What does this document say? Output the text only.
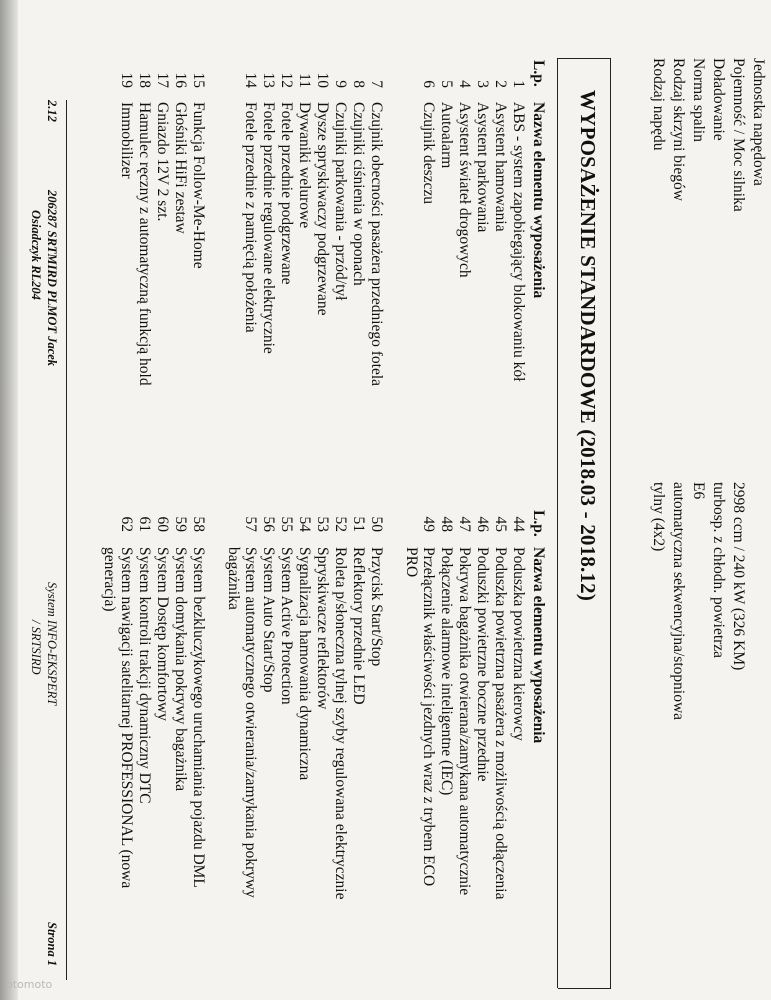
Jednostka napędowa
Pojemność / Moc silnika
2998 ccm / 240 kW (326 KM)
Doładowanie
turbosp. z chłodn. powietrza
Norma spalin
E6
Rodzaj skrzyni biegów
automatyczna sekwencyjna/stopniowa
Rodzaj napędu
tylny (4x2)
WYPOSAŻENIE STANDARDOWE (2018.03 - 2018.12)
L.p.
Nazwa elementu wyposażenia
L.p.
Nazwa elementu wyposażenia
1
ABS - system zapobiegający blokowaniu kół
2
Asystent hamowania
3
Asystent parkowania
4
Asystent świateł drogowych
5
Autoalarm
6
Czujnik deszczu
7
Czujnik obecności pasażera przedniego fotela
8
Czujniki ciśnienia w oponach
9
Czujniki parkowania - przód/tył
10
Dysze spryskiwaczy podgrzewane
11
Dywaniki welurowe
12
Fotele przednie podgrzewane
13
Fotele przednie regulowane elektrycznie
14
Fotele przednie z pamięcią położenia
15
Funkcja Follow-Me-Home
16
Głośniki HiFi zestaw
17
Gniazdo 12V 2 szt.
18
Hamulec ręczny z automatyczną funkcją hold
19
Immobilizer
44
Poduszka powietrzna kierowcy
45
Poduszka powietrzna pasażera z możliwością odłączenia
46
Poduszki powietrzne boczne przednie
47
Pokrywa bagażnika otwierana/zamykana automatycznie
48
Połączenie alarmowe inteligentne (IEC)
49
Przełącznik właściwości jezdnych wraz z trybem ECO
PRO
50
Przycisk Start/Stop
51
Reflektory przednie LED
52
Roleta p/słoneczna tylnej szyby regulowana elektrycznie
53
Spryskiwacze reflektorów
54
Sygnalizacja hamowania dynamiczna
55
System Active Protection
56
System Auto Start/Stop
57
System automatycznego otwierania/zamykania pokrywy
bagażnika
58
System bezkluczykowego uruchamiania pojazdu DML
59
System domykania pokrywy bagażnika
60
System Dostęp komfortowy
61
System kontroli trakcji dynamiczny DTC
62
System nawigacji satelitarnej PROFESSIONAL (nowa
generacja)
2.12
206287 SRTMIRD PLMOT Jacek
Osiadczyk RL204
System INFO-EKSPERT
/ SRTSIRD
Strona 1
otomoto
